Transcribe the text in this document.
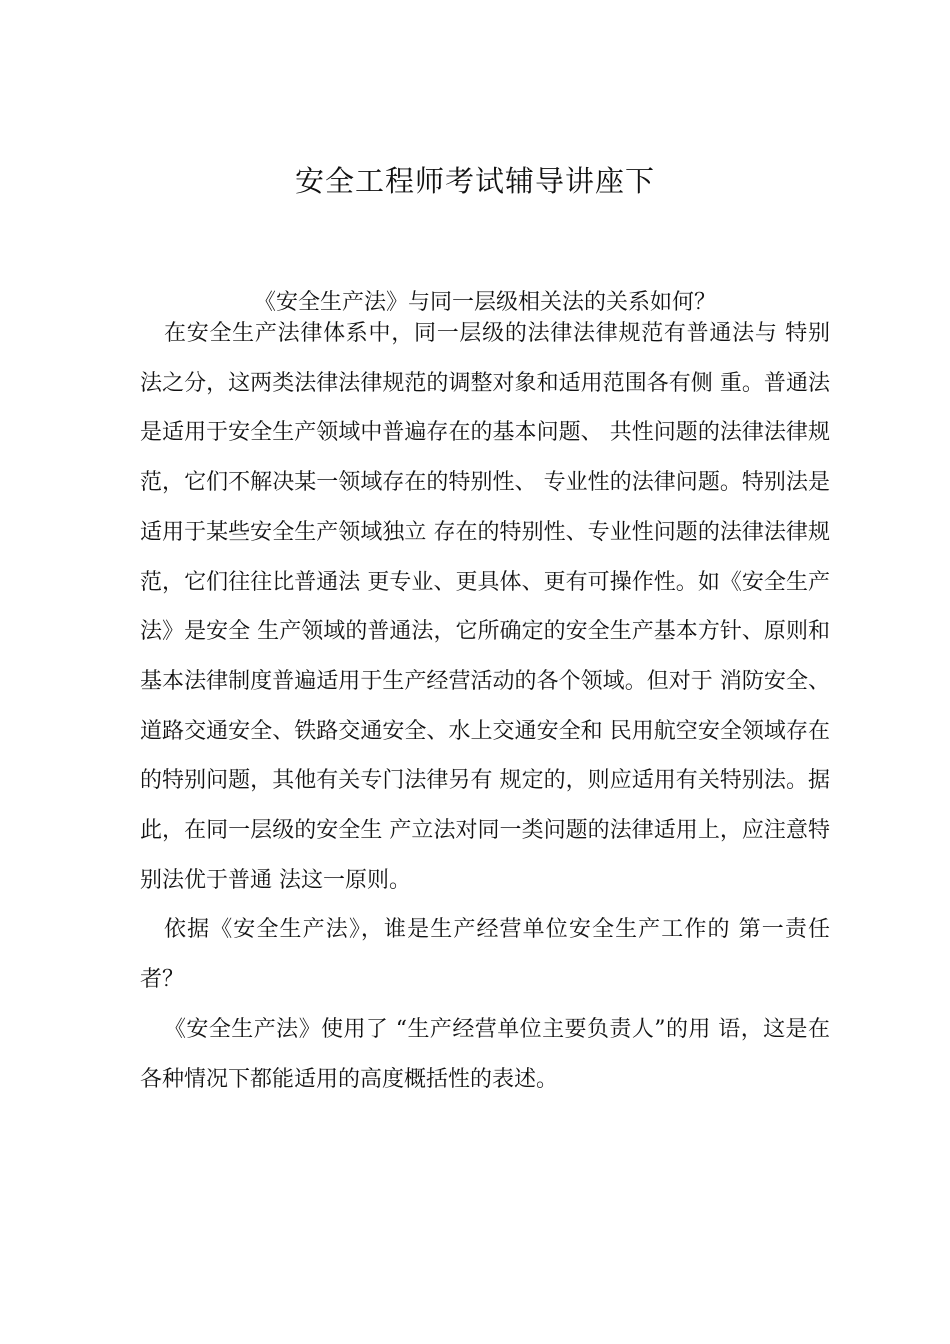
安全工程师考试辅导讲座下
《安全生产法》与同一层级相关法的关系如何？

在安全生产法律体系中，同一层级的法律法律规范有普通法与 特别法之分，这两类法律法律规范的调整对象和适用范围各有侧 重。普通法是适用于安全生产领域中普遍存在的基本问题、 共性问题的法律法律规范，它们不解决某一领域存在的特别性、 专业性的法律问题。特别法是适用于某些安全生产领域独立 存在的特别性、专业性问题的法律法律规范，它们往往比普通法 更专业、更具体、更有可操作性。如《安全生产法》是安全 生产领域的普通法，它所确定的安全生产基本方针、原则和 基本法律制度普遍适用于生产经营活动的各个领域。但对于 消防安全、道路交通安全、铁路交通安全、水上交通安全和 民用航空安全领域存在的特别问题，其他有关专门法律另有 规定的，则应适用有关特别法。据此，在同一层级的安全生 产立法对同一类问题的法律适用上，应注意特别法优于普通 法这一原则。

依据《安全生产法》，谁是生产经营单位安全生产工作的 第一责任者？

《安全生产法》使用了 “生产经营单位主要负责人”的用 语，这是在各种情况下都能适用的高度概括性的表述。
